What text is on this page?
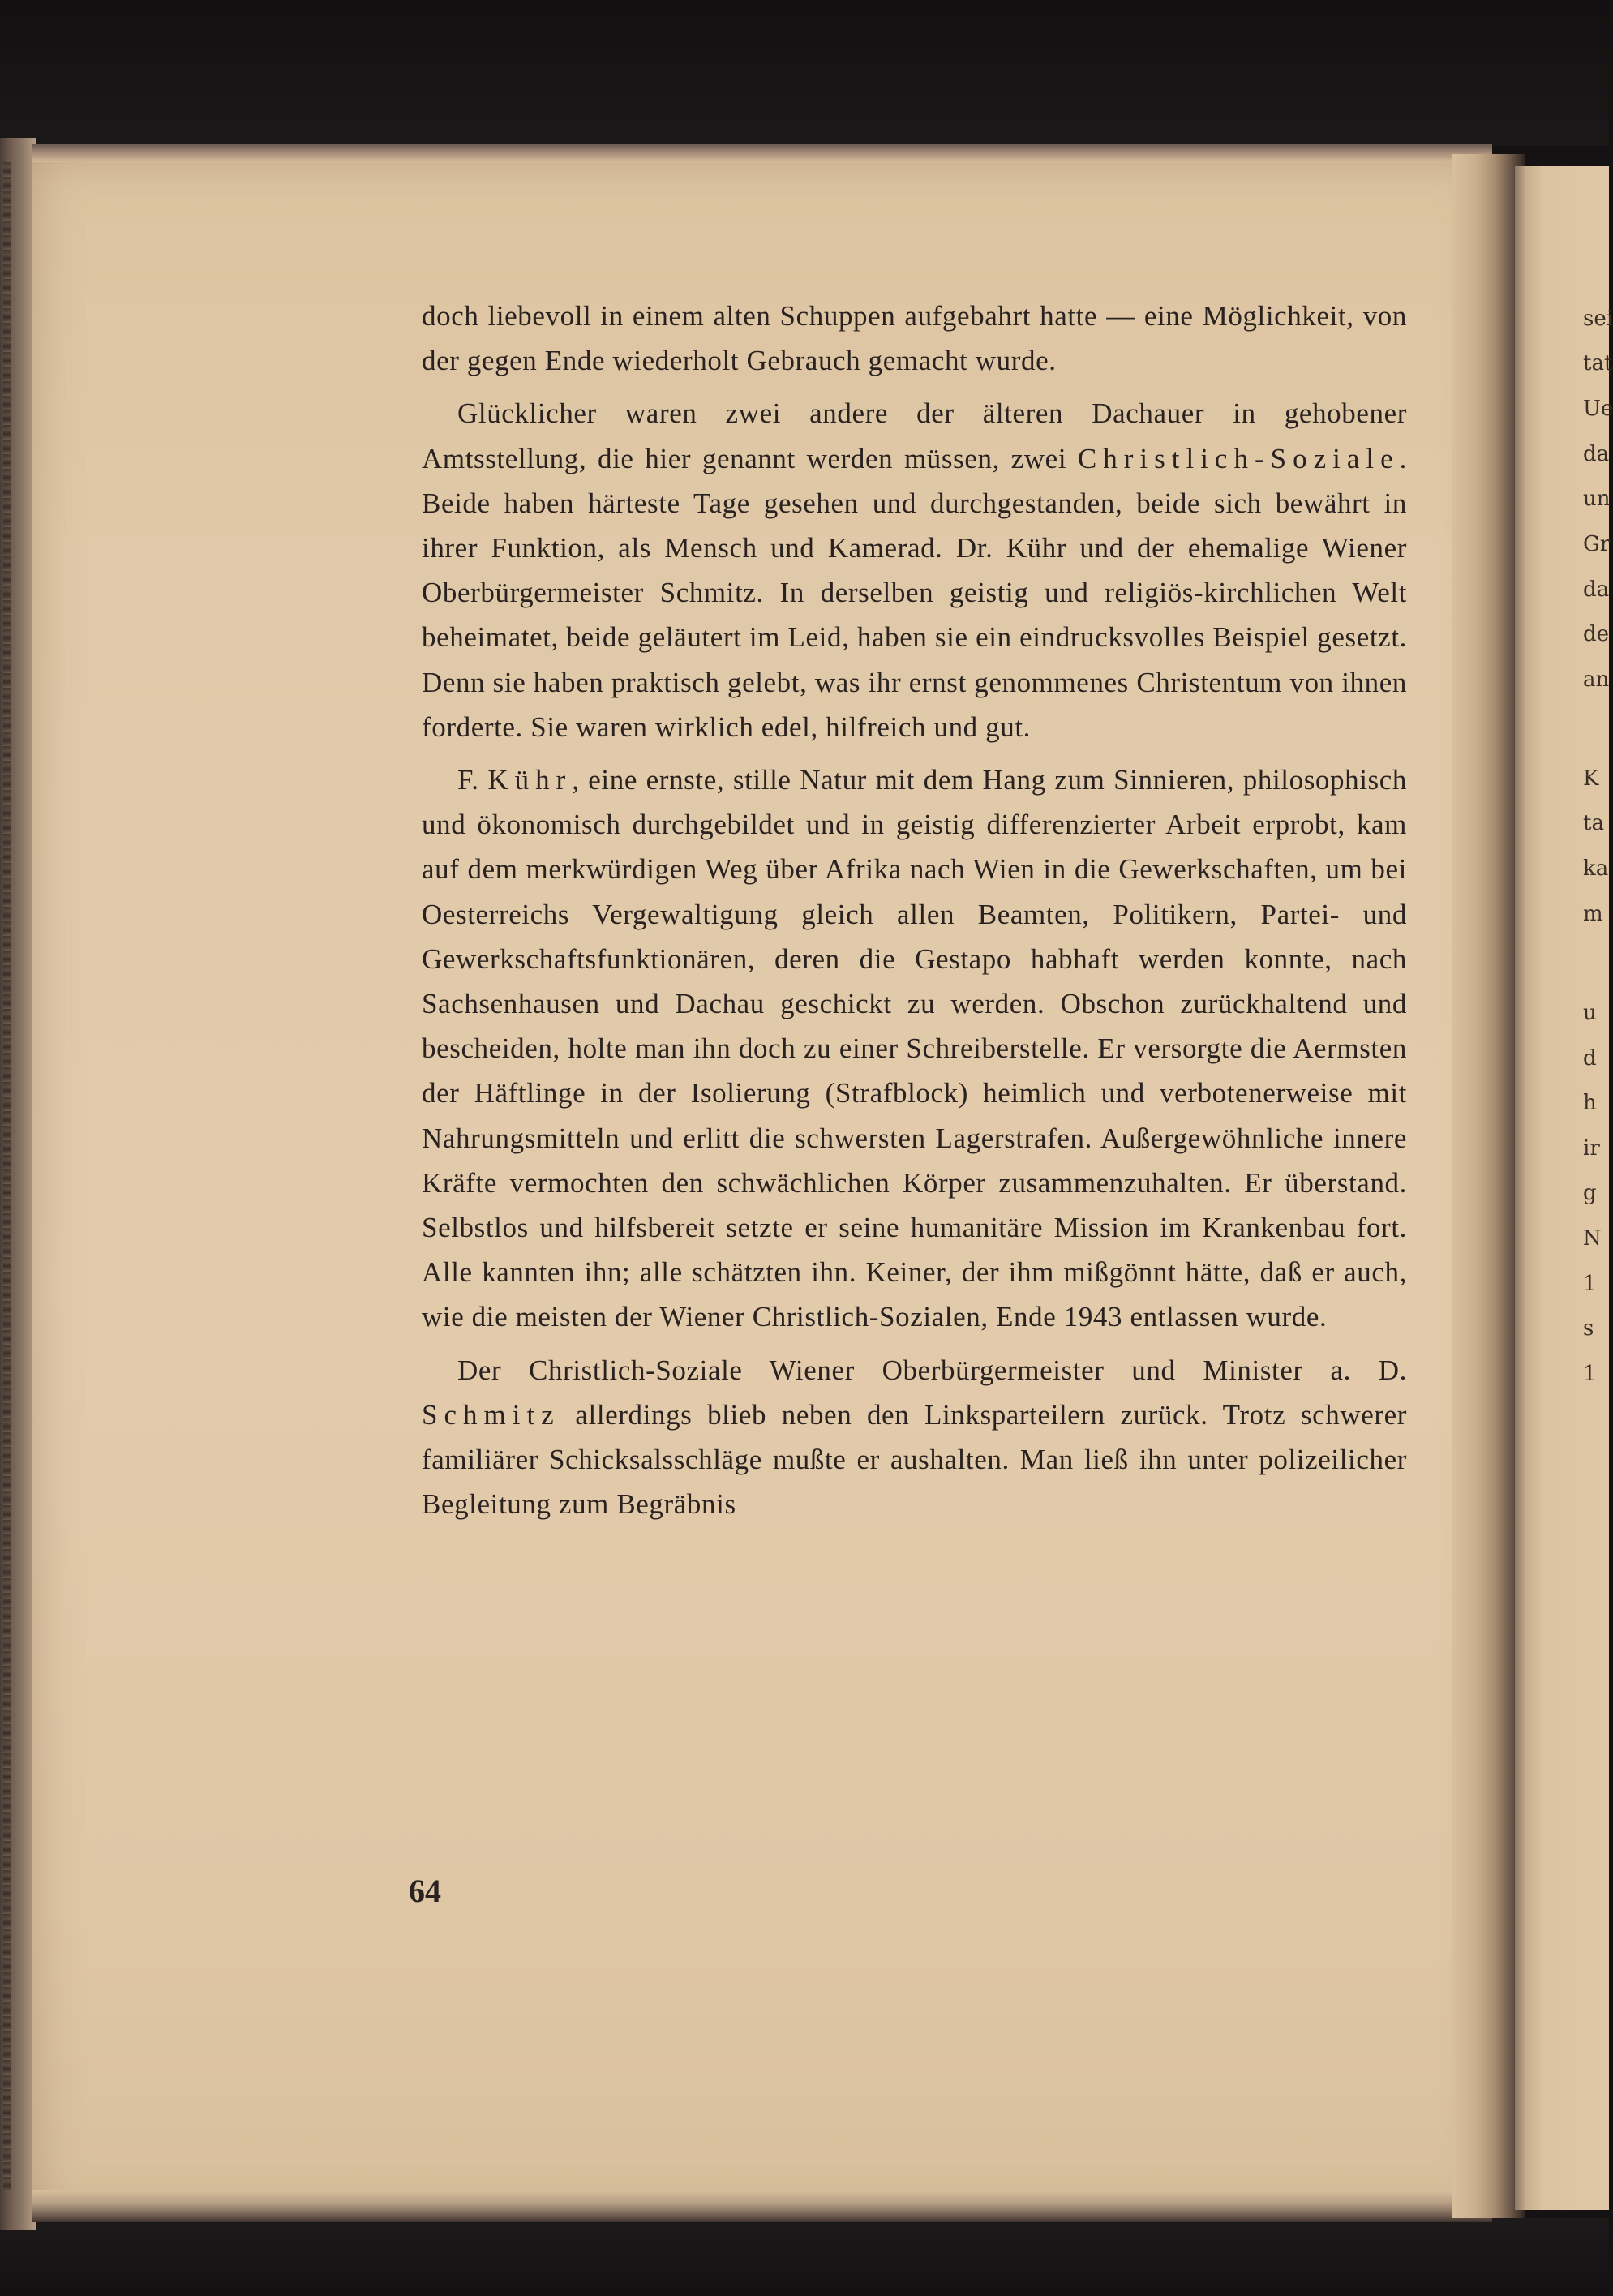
doch liebevoll in einem alten Schuppen aufgebahrt hatte — eine Möglichkeit, von der gegen Ende wiederholt Gebrauch gemacht wurde.

Glücklicher waren zwei andere der älteren Dachauer in gehobener Amtsstellung, die hier genannt werden müssen, zwei Christlich-Soziale. Beide haben härteste Tage gesehen und durchgestanden, beide sich bewährt in ihrer Funktion, als Mensch und Kamerad. Dr. Kühr und der ehemalige Wiener Oberbürgermeister Schmitz. In derselben geistig und religiös-kirchlichen Welt beheimatet, beide geläutert im Leid, haben sie ein eindrucksvolles Beispiel gesetzt. Denn sie haben praktisch gelebt, was ihr ernst genommenes Christentum von ihnen forderte. Sie waren wirklich edel, hilfreich und gut.

F. Kühr, eine ernste, stille Natur mit dem Hang zum Sinnieren, philosophisch und ökonomisch durchgebildet und in geistig differenzierter Arbeit erprobt, kam auf dem merkwürdigen Weg über Afrika nach Wien in die Gewerkschaften, um bei Oesterreichs Vergewaltigung gleich allen Beamten, Politikern, Partei- und Gewerkschaftsfunktionären, deren die Gestapo habhaft werden konnte, nach Sachsenhausen und Dachau geschickt zu werden. Obschon zurückhaltend und bescheiden, holte man ihn doch zu einer Schreiberstelle. Er versorgte die Aermsten der Häftlinge in der Isolierung (Strafblock) heimlich und verbotenerweise mit Nahrungsmitteln und erlitt die schwersten Lagerstrafen. Außergewöhnliche innere Kräfte vermochten den schwächlichen Körper zusammenzuhalten. Er überstand. Selbstlos und hilfsbereit setzte er seine humanitäre Mission im Krankenbau fort. Alle kannten ihn; alle schätzten ihn. Keiner, der ihm mißgönnt hätte, daß er auch, wie die meisten der Wiener Christlich-Sozialen, Ende 1943 entlassen wurde.

Der Christlich-Soziale Wiener Oberbürgermeister und Minister a. D. Schmitz allerdings blieb neben den Linksparteilern zurück. Trotz schwerer familiärer Schicksalsschläge mußte er aushalten. Man ließ ihn unter polizeilicher Begleitung zum Begräbnis

64
sei
tat
Ue
da
un
Gr
da
de
an
K
ta
ka
m
u
d
h
ir
g
N
1
s
1
